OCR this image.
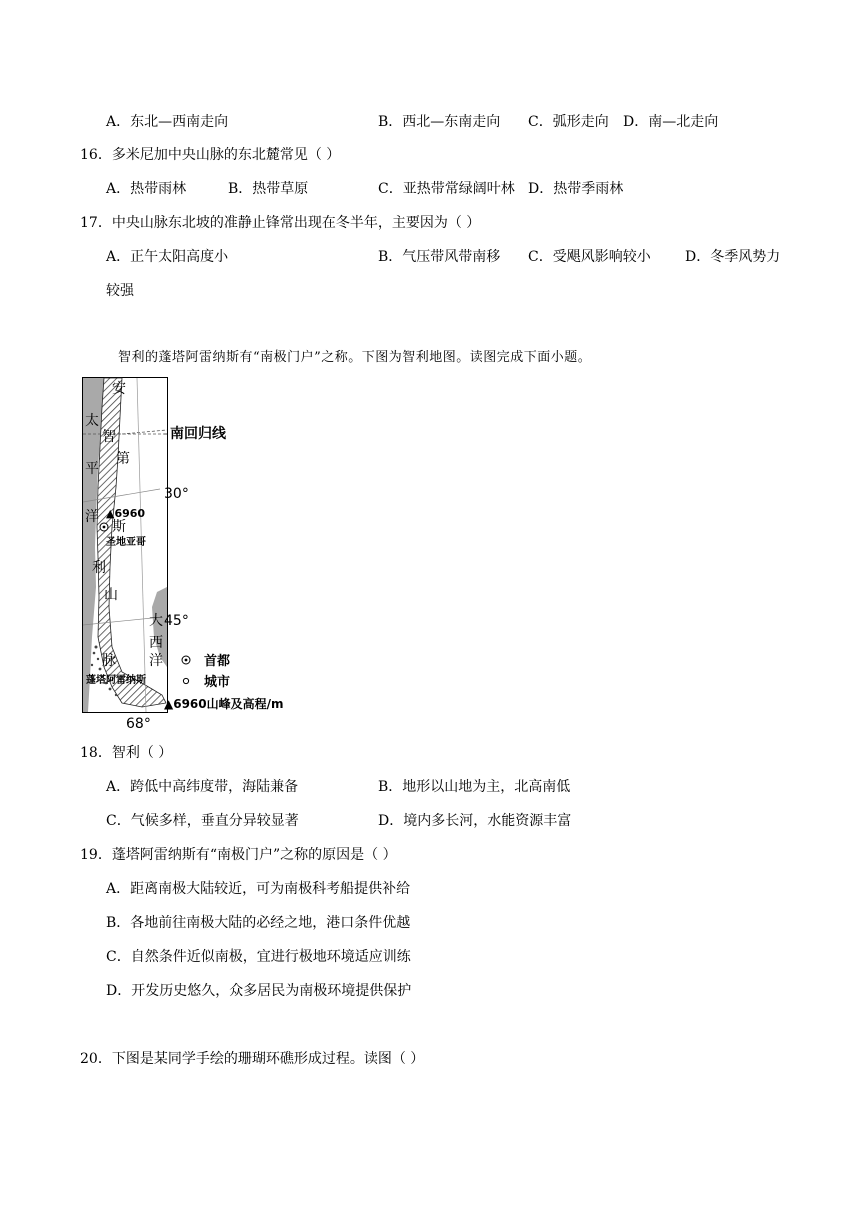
A．东北—西南走向	B．西北—东南走向 C．弧形走向 D．南—北走向
16．多米尼加中央山脉的东北麓常见（ ）
A．热带雨林	B．热带草原	C．亚热带常绿阔叶林 D．热带季雨林
17．中央山脉东北坡的准静止锋常出现在冬半年，主要因为（ ）
A．正午太阳高度小	B．气压带风带南移 C．受飓风影响较小 D．冬季风势力
较强
智利的蓬塔阿雷纳斯有“南极门户”之称。下图为智利地图。读图完成下面小题。
安
太
智
第
平
洋
斯
利
山
大
西
洋
脉
▲6960
圣地亚哥
蓬塔阿雷纳斯
南回归线
30°
45°
68°
首都
城市
▲6960山峰及高程/m
18．智利（ ）
A．跨低中高纬度带，海陆兼备	B．地形以山地为主，北高南低
C．气候多样，垂直分异较显著	D．境内多长河，水能资源丰富
19．蓬塔阿雷纳斯有“南极门户”之称的原因是（ ）
A．距离南极大陆较近，可为南极科考船提供补给
B．各地前往南极大陆的必经之地，港口条件优越
C．自然条件近似南极，宜进行极地环境适应训练
D．开发历史悠久，众多居民为南极环境提供保护
20．下图是某同学手绘的珊瑚环礁形成过程。读图（ ）
